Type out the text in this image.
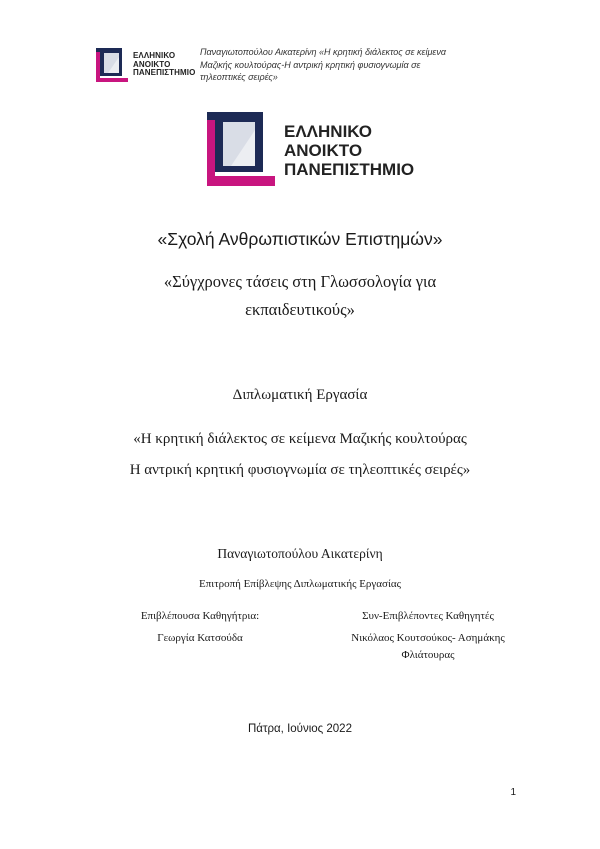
ΕΛΛΗΝΙΚΟ
ΑΝΟΙΚΤΟ
ΠΑΝΕΠΙΣΤΗΜΙΟ
Παναγιωτοπούλου Αικατερίνη «Η κρητική διάλεκτος σε κείμενα
Μαζικής κουλτούρας-Η αντρική κρητική φυσιογνωμία σε
τηλεοπτικές σειρές»
ΕΛΛΗΝΙΚΟ
ΑΝΟΙΚΤΟ
ΠΑΝΕΠΙΣΤΗΜΙΟ
«Σχολή Ανθρωπιστικών Επιστημών»
«Σύγχρονες τάσεις στη Γλωσσολογία για
εκπαιδευτικούς»
Διπλωματική Εργασία
«Η κρητική διάλεκτος σε κείμενα Μαζικής κουλτούρας
Η αντρική κρητική φυσιογνωμία σε τηλεοπτικές σειρές»
Παναγιωτοπούλου Αικατερίνη
Επιτροπή Επίβλεψης Διπλωματικής Εργασίας
Επιβλέπουσα Καθηγήτρια:
Γεωργία Κατσούδα
Συν-Επιβλέποντες Καθηγητές
Νικόλαος Κουτσούκος- Ασημάκης
Φλιάτουρας
Πάτρα, Ιούνιος 2022
1
